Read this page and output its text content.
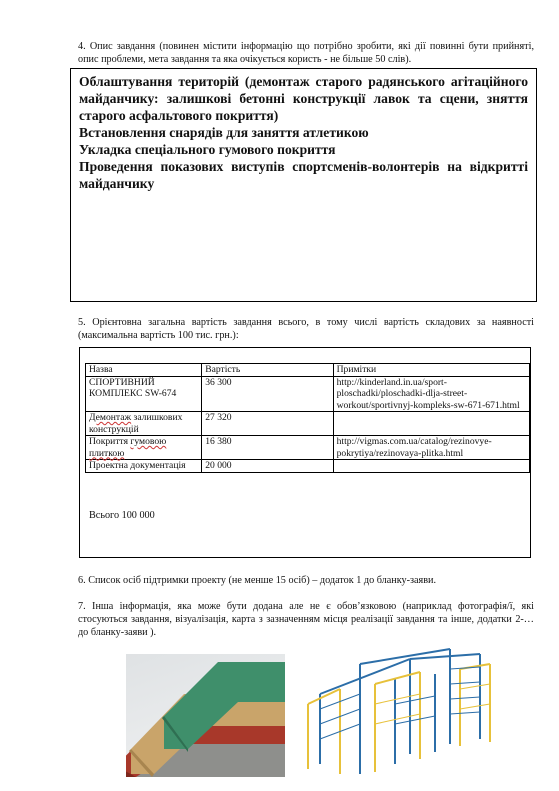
4. Опис завдання (повинен містити інформацію що потрібно зробити, які дії повинні бути прийняті, опис проблеми, мета завдання та яка очікується користь - не більше 50 слів).

Облаштування територій (демонтаж старого радянського агітаційного майданчику: залишкові бетонні конструкції лавок та сцени, зняття старого асфальтового покриття)

Встановлення снарядів для заняття атлетикою

Укладка спеціального гумового покриття

Проведення показових виступів спортсменів-волонтерів на відкритті майданчику

5. Орієнтовна загальна вартість завдання всього, в тому числі вартість складових за наявності (максимальна вартість 100 тис. грн.):
Назва	Вартість	Примітки
СПОРТИВНИЙ КОМПЛЕКС SW-674	36 300	http://kinderland.in.ua/sport-ploschadki/ploschadki-dlja-street-workout/sportivnyj-kompleks-sw-671-671.html
Демонтаж залишкових конструкцій	27 320	
Покриття гумовою плиткою	16 380	http://vigmas.com.ua/catalog/rezinovye-pokrytiya/rezinovaya-plitka.html
Проектна документація	20 000	
Всього 100 000
6. Список осіб підтримки проекту (не менше 15 осіб) – додаток 1 до бланку-заяви.
7. Інша інформація, яка може бути додана але не є обов’язковою (наприклад фотографія/ї, які стосуються завдання, візуалізація, карта з зазначенням місця реалізації завдання та інше, додатки 2-… до бланку-заяви ).
